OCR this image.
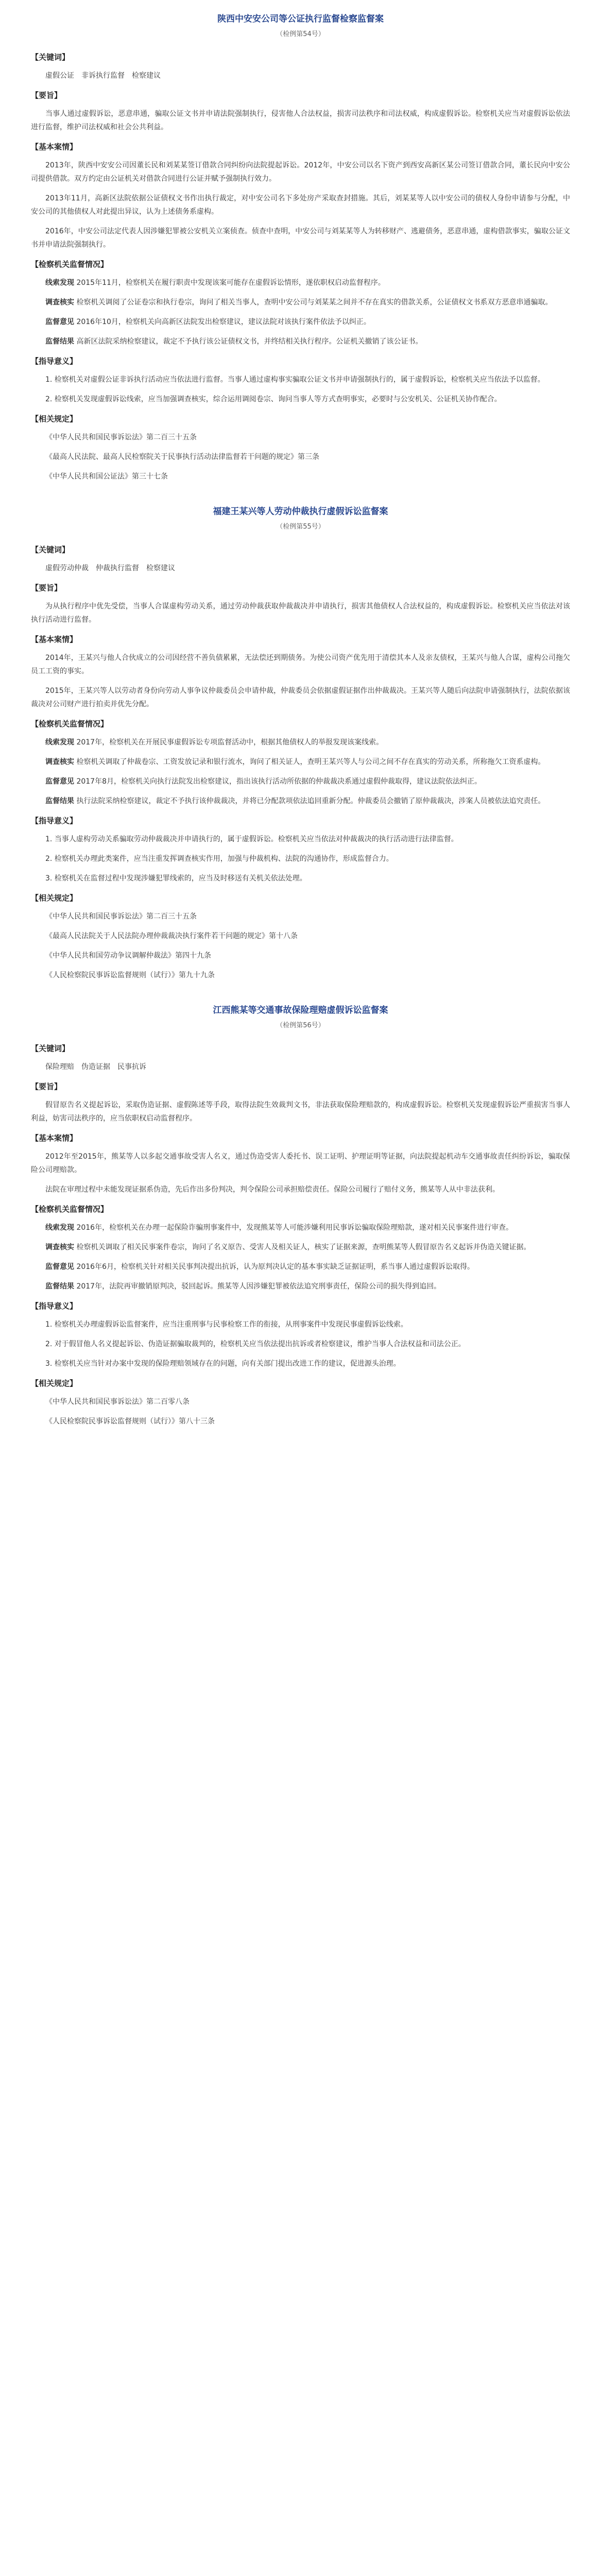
陕西中安安公司等公证执行监督检察监督案
（检例第54号）
【关键词】
虚假公证　非诉执行监督　检察建议
【要旨】
当事人通过虚假诉讼，恶意串通，骗取公证文书并申请法院强制执行，侵害他人合法权益，损害司法秩序和司法权威，构成虚假诉讼。检察机关应当对虚假诉讼依法进行监督，维护司法权威和社会公共利益。
【基本案情】
2013年，陕西中安安公司因董长民和刘某某签订借款合同纠纷向法院提起诉讼。2012年，中安公司以名下资产到西安高新区某公司签订借款合同，董长民向中安公司提供借款。双方约定由公证机关对借款合同进行公证并赋予强制执行效力。
2013年11月，高新区法院依据公证债权文书作出执行裁定，对中安公司名下多处房产采取查封措施。其后，刘某某等人以中安公司的债权人身份申请参与分配，中安公司的其他债权人对此提出异议，认为上述债务系虚构。
2016年，中安公司法定代表人因涉嫌犯罪被公安机关立案侦查。侦查中查明，中安公司与刘某某等人为转移财产、逃避债务，恶意串通，虚构借款事实，骗取公证文书并申请法院强制执行。
【检察机关监督情况】
线索发现 2015年11月，检察机关在履行职责中发现该案可能存在虚假诉讼情形，遂依职权启动监督程序。
调查核实 检察机关调阅了公证卷宗和执行卷宗，询问了相关当事人，查明中安公司与刘某某之间并不存在真实的借款关系，公证债权文书系双方恶意串通骗取。
监督意见 2016年10月，检察机关向高新区法院发出检察建议，建议法院对该执行案件依法予以纠正。
监督结果 高新区法院采纳检察建议，裁定不予执行该公证债权文书，并终结相关执行程序。公证机关撤销了该公证书。
【指导意义】
1. 检察机关对虚假公证非诉执行活动应当依法进行监督。当事人通过虚构事实骗取公证文书并申请强制执行的，属于虚假诉讼，检察机关应当依法予以监督。
2. 检察机关发现虚假诉讼线索，应当加强调查核实，综合运用调阅卷宗、询问当事人等方式查明事实，必要时与公安机关、公证机关协作配合。
【相关规定】
《中华人民共和国民事诉讼法》第二百三十五条
《最高人民法院、最高人民检察院关于民事执行活动法律监督若干问题的规定》第三条
《中华人民共和国公证法》第三十七条
福建王某兴等人劳动仲裁执行虚假诉讼监督案
（检例第55号）
【关键词】
虚假劳动仲裁　仲裁执行监督　检察建议
【要旨】
为从执行程序中优先受偿，当事人合谋虚构劳动关系，通过劳动仲裁获取仲裁裁决并申请执行，损害其他债权人合法权益的，构成虚假诉讼。检察机关应当依法对该执行活动进行监督。
【基本案情】
2014年，王某兴与他人合伙成立的公司因经营不善负债累累，无法偿还到期债务。为使公司资产优先用于清偿其本人及亲友债权，王某兴与他人合谋，虚构公司拖欠员工工资的事实。
2015年，王某兴等人以劳动者身份向劳动人事争议仲裁委员会申请仲裁，仲裁委员会依据虚假证据作出仲裁裁决。王某兴等人随后向法院申请强制执行，法院依据该裁决对公司财产进行拍卖并优先分配。
【检察机关监督情况】
线索发现 2017年，检察机关在开展民事虚假诉讼专项监督活动中，根据其他债权人的举报发现该案线索。
调查核实 检察机关调取了仲裁卷宗、工资发放记录和银行流水，询问了相关证人，查明王某兴等人与公司之间不存在真实的劳动关系，所称拖欠工资系虚构。
监督意见 2017年8月，检察机关向执行法院发出检察建议，指出该执行活动所依据的仲裁裁决系通过虚假仲裁取得，建议法院依法纠正。
监督结果 执行法院采纳检察建议，裁定不予执行该仲裁裁决，并将已分配款项依法追回重新分配。仲裁委员会撤销了原仲裁裁决，涉案人员被依法追究责任。
【指导意义】
1. 当事人虚构劳动关系骗取劳动仲裁裁决并申请执行的，属于虚假诉讼。检察机关应当依法对仲裁裁决的执行活动进行法律监督。
2. 检察机关办理此类案件，应当注重发挥调查核实作用，加强与仲裁机构、法院的沟通协作，形成监督合力。
3. 检察机关在监督过程中发现涉嫌犯罪线索的，应当及时移送有关机关依法处理。
【相关规定】
《中华人民共和国民事诉讼法》第二百三十五条
《最高人民法院关于人民法院办理仲裁裁决执行案件若干问题的规定》第十八条
《中华人民共和国劳动争议调解仲裁法》第四十九条
《人民检察院民事诉讼监督规则（试行）》第九十九条
江西熊某等交通事故保险理赔虚假诉讼监督案
（检例第56号）
【关键词】
保险理赔　伪造证据　民事抗诉
【要旨】
假冒原告名义提起诉讼，采取伪造证据、虚假陈述等手段，取得法院生效裁判文书，非法获取保险理赔款的，构成虚假诉讼。检察机关发现虚假诉讼严重损害当事人利益，妨害司法秩序的，应当依职权启动监督程序。
【基本案情】
2012年至2015年，熊某等人以多起交通事故受害人名义，通过伪造受害人委托书、误工证明、护理证明等证据，向法院提起机动车交通事故责任纠纷诉讼，骗取保险公司理赔款。
法院在审理过程中未能发现证据系伪造，先后作出多份判决，判令保险公司承担赔偿责任。保险公司履行了赔付义务，熊某等人从中非法获利。
【检察机关监督情况】
线索发现 2016年，检察机关在办理一起保险诈骗刑事案件中，发现熊某等人可能涉嫌利用民事诉讼骗取保险理赔款，遂对相关民事案件进行审查。
调查核实 检察机关调取了相关民事案件卷宗，询问了名义原告、受害人及相关证人，核实了证据来源，查明熊某等人假冒原告名义起诉并伪造关键证据。
监督意见 2016年6月，检察机关针对相关民事判决提出抗诉，认为原判决认定的基本事实缺乏证据证明，系当事人通过虚假诉讼取得。
监督结果 2017年，法院再审撤销原判决，驳回起诉。熊某等人因涉嫌犯罪被依法追究刑事责任，保险公司的损失得到追回。
【指导意义】
1. 检察机关办理虚假诉讼监督案件，应当注重刑事与民事检察工作的衔接，从刑事案件中发现民事虚假诉讼线索。
2. 对于假冒他人名义提起诉讼、伪造证据骗取裁判的，检察机关应当依法提出抗诉或者检察建议，维护当事人合法权益和司法公正。
3. 检察机关应当针对办案中发现的保险理赔领域存在的问题，向有关部门提出改进工作的建议，促进源头治理。
【相关规定】
《中华人民共和国民事诉讼法》第二百零八条
《人民检察院民事诉讼监督规则（试行）》第八十三条
